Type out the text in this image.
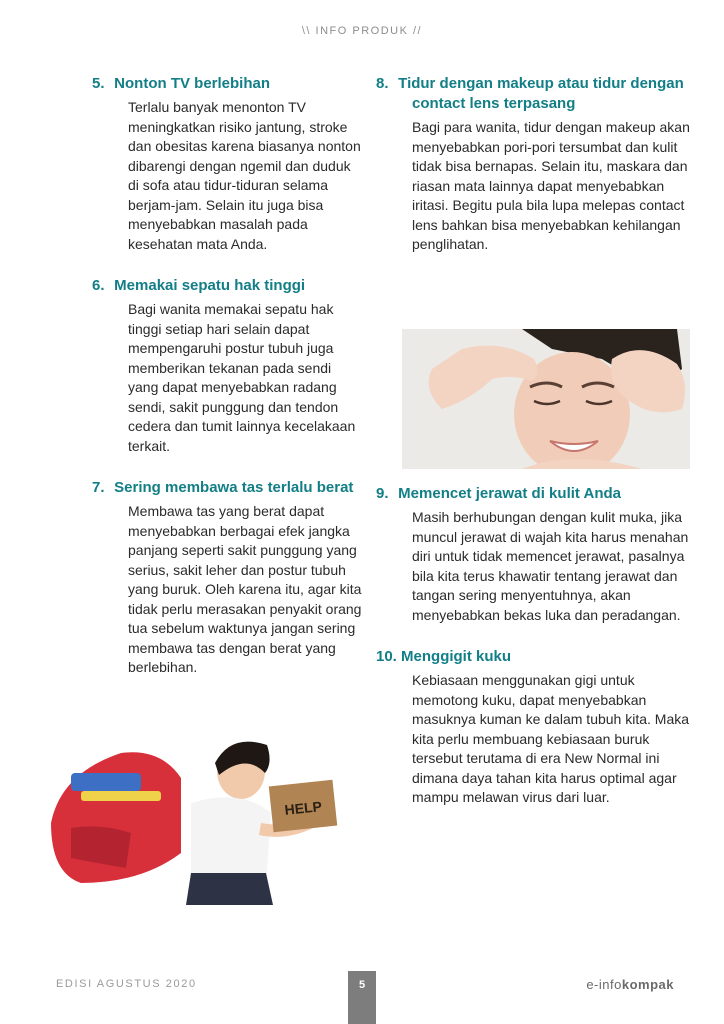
\\ INFO PRODUK //
5. Nonton TV berlebihan

Terlalu banyak menonton TV meningkatkan risiko jantung, stroke dan obesitas karena biasanya nonton dibarengi dengan ngemil dan duduk di sofa atau tidur-tiduran selama berjam-jam. Selain itu juga bisa menyebabkan masalah pada kesehatan mata Anda.

6. Memakai sepatu hak tinggi

Bagi wanita memakai sepatu hak tinggi setiap hari selain dapat mempengaruhi postur tubuh juga memberikan tekanan pada sendi yang dapat menyebabkan radang sendi, sakit punggung dan tendon cedera dan tumit lainnya kecelakaan terkait.

7. Sering membawa tas terlalu berat

Membawa tas yang berat dapat menyebabkan berbagai efek jangka panjang seperti sakit punggung yang serius, sakit leher dan postur tubuh yang buruk. Oleh karena itu, agar kita tidak perlu merasakan penyakit orang tua sebelum waktunya jangan sering membawa tas dengan berat yang berlebihan.

8. Tidur dengan makeup atau tidur dengan contact lens terpasang

Bagi para wanita, tidur dengan makeup akan menyebabkan pori-pori tersumbat dan kulit tidak bisa bernapas. Selain itu, maskara dan riasan mata lainnya dapat menyebabkan iritasi. Begitu pula bila lupa melepas contact lens bahkan bisa menyebabkan kehilangan penglihatan.

9. Memencet jerawat di kulit Anda

Masih berhubungan dengan kulit muka, jika muncul jerawat di wajah kita harus menahan diri untuk tidak memencet jerawat, pasalnya bila kita terus khawatir tentang jerawat dan tangan sering menyentuhnya, akan menyebabkan bekas luka dan peradangan.

10. Menggigit kuku

Kebiasaan menggunakan gigi untuk memotong kuku, dapat menyebabkan masuknya kuman ke dalam tubuh kita. Maka kita perlu membuang kebiasaan buruk tersebut terutama di era New Normal ini dimana daya tahan kita harus optimal agar mampu melawan virus dari luar.

HELP
EDISI AGUSTUS 2020	5	e-infokompak
